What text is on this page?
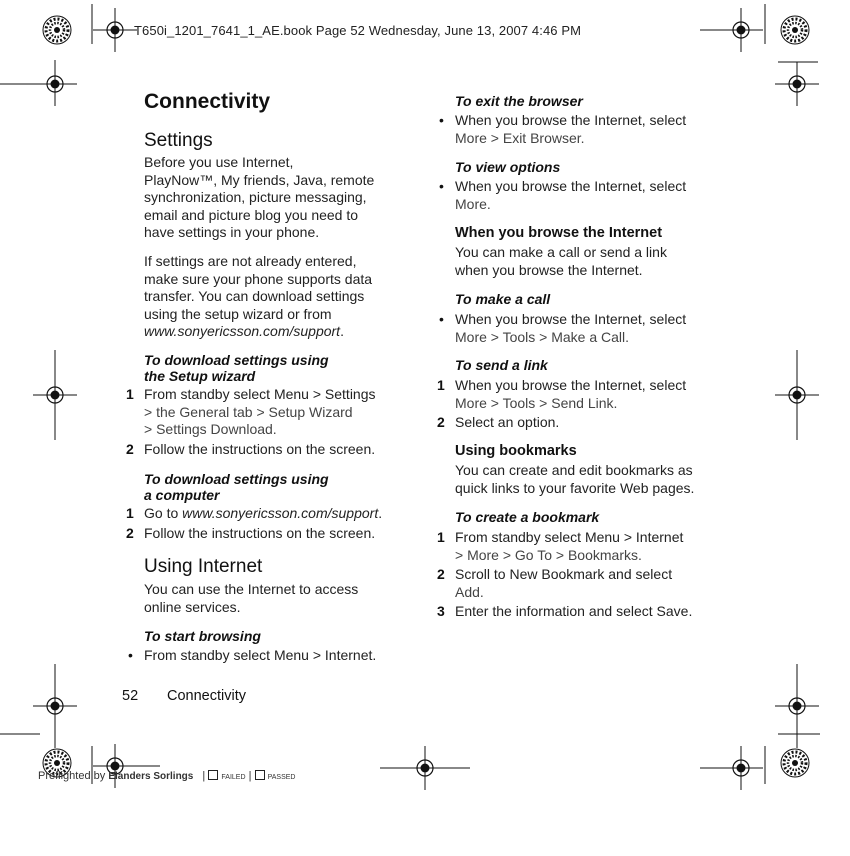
T650i_1201_7641_1_AE.book Page 52 Wednesday, June 13, 2007 4:46 PM
Connectivity
Settings
Before you use Internet,
PlayNow™, My friends, Java, remote
synchronization, picture messaging,
email and picture blog you need to
have settings in your phone.
If settings are not already entered,
make sure your phone supports data
transfer. You can download settings
using the setup wizard or from
www.sonyericsson.com/support.
To download settings using
the Setup wizard
1 From standby select Menu > Settings
> the General tab > Setup Wizard
> Settings Download.
2 Follow the instructions on the screen.
To download settings using
a computer
1 Go to www.sonyericsson.com/support.
2 Follow the instructions on the screen.
Using Internet
You can use the Internet to access
online services.
To start browsing
• From standby select Menu > Internet.
To exit the browser
• When you browse the Internet, select
More > Exit Browser.
To view options
• When you browse the Internet, select
More.
When you browse the Internet
You can make a call or send a link
when you browse the Internet.
To make a call
• When you browse the Internet, select
More > Tools > Make a Call.
To send a link
1 When you browse the Internet, select
More > Tools > Send Link.
2 Select an option.
Using bookmarks
You can create and edit bookmarks as
quick links to your favorite Web pages.
To create a bookmark
1 From standby select Menu > Internet
> More > Go To > Bookmarks.
2 Scroll to New Bookmark and select
Add.
3 Enter the information and select Save.
52 Connectivity
Preflighted by Elanders Sorlings | FAILED |  PASSED
